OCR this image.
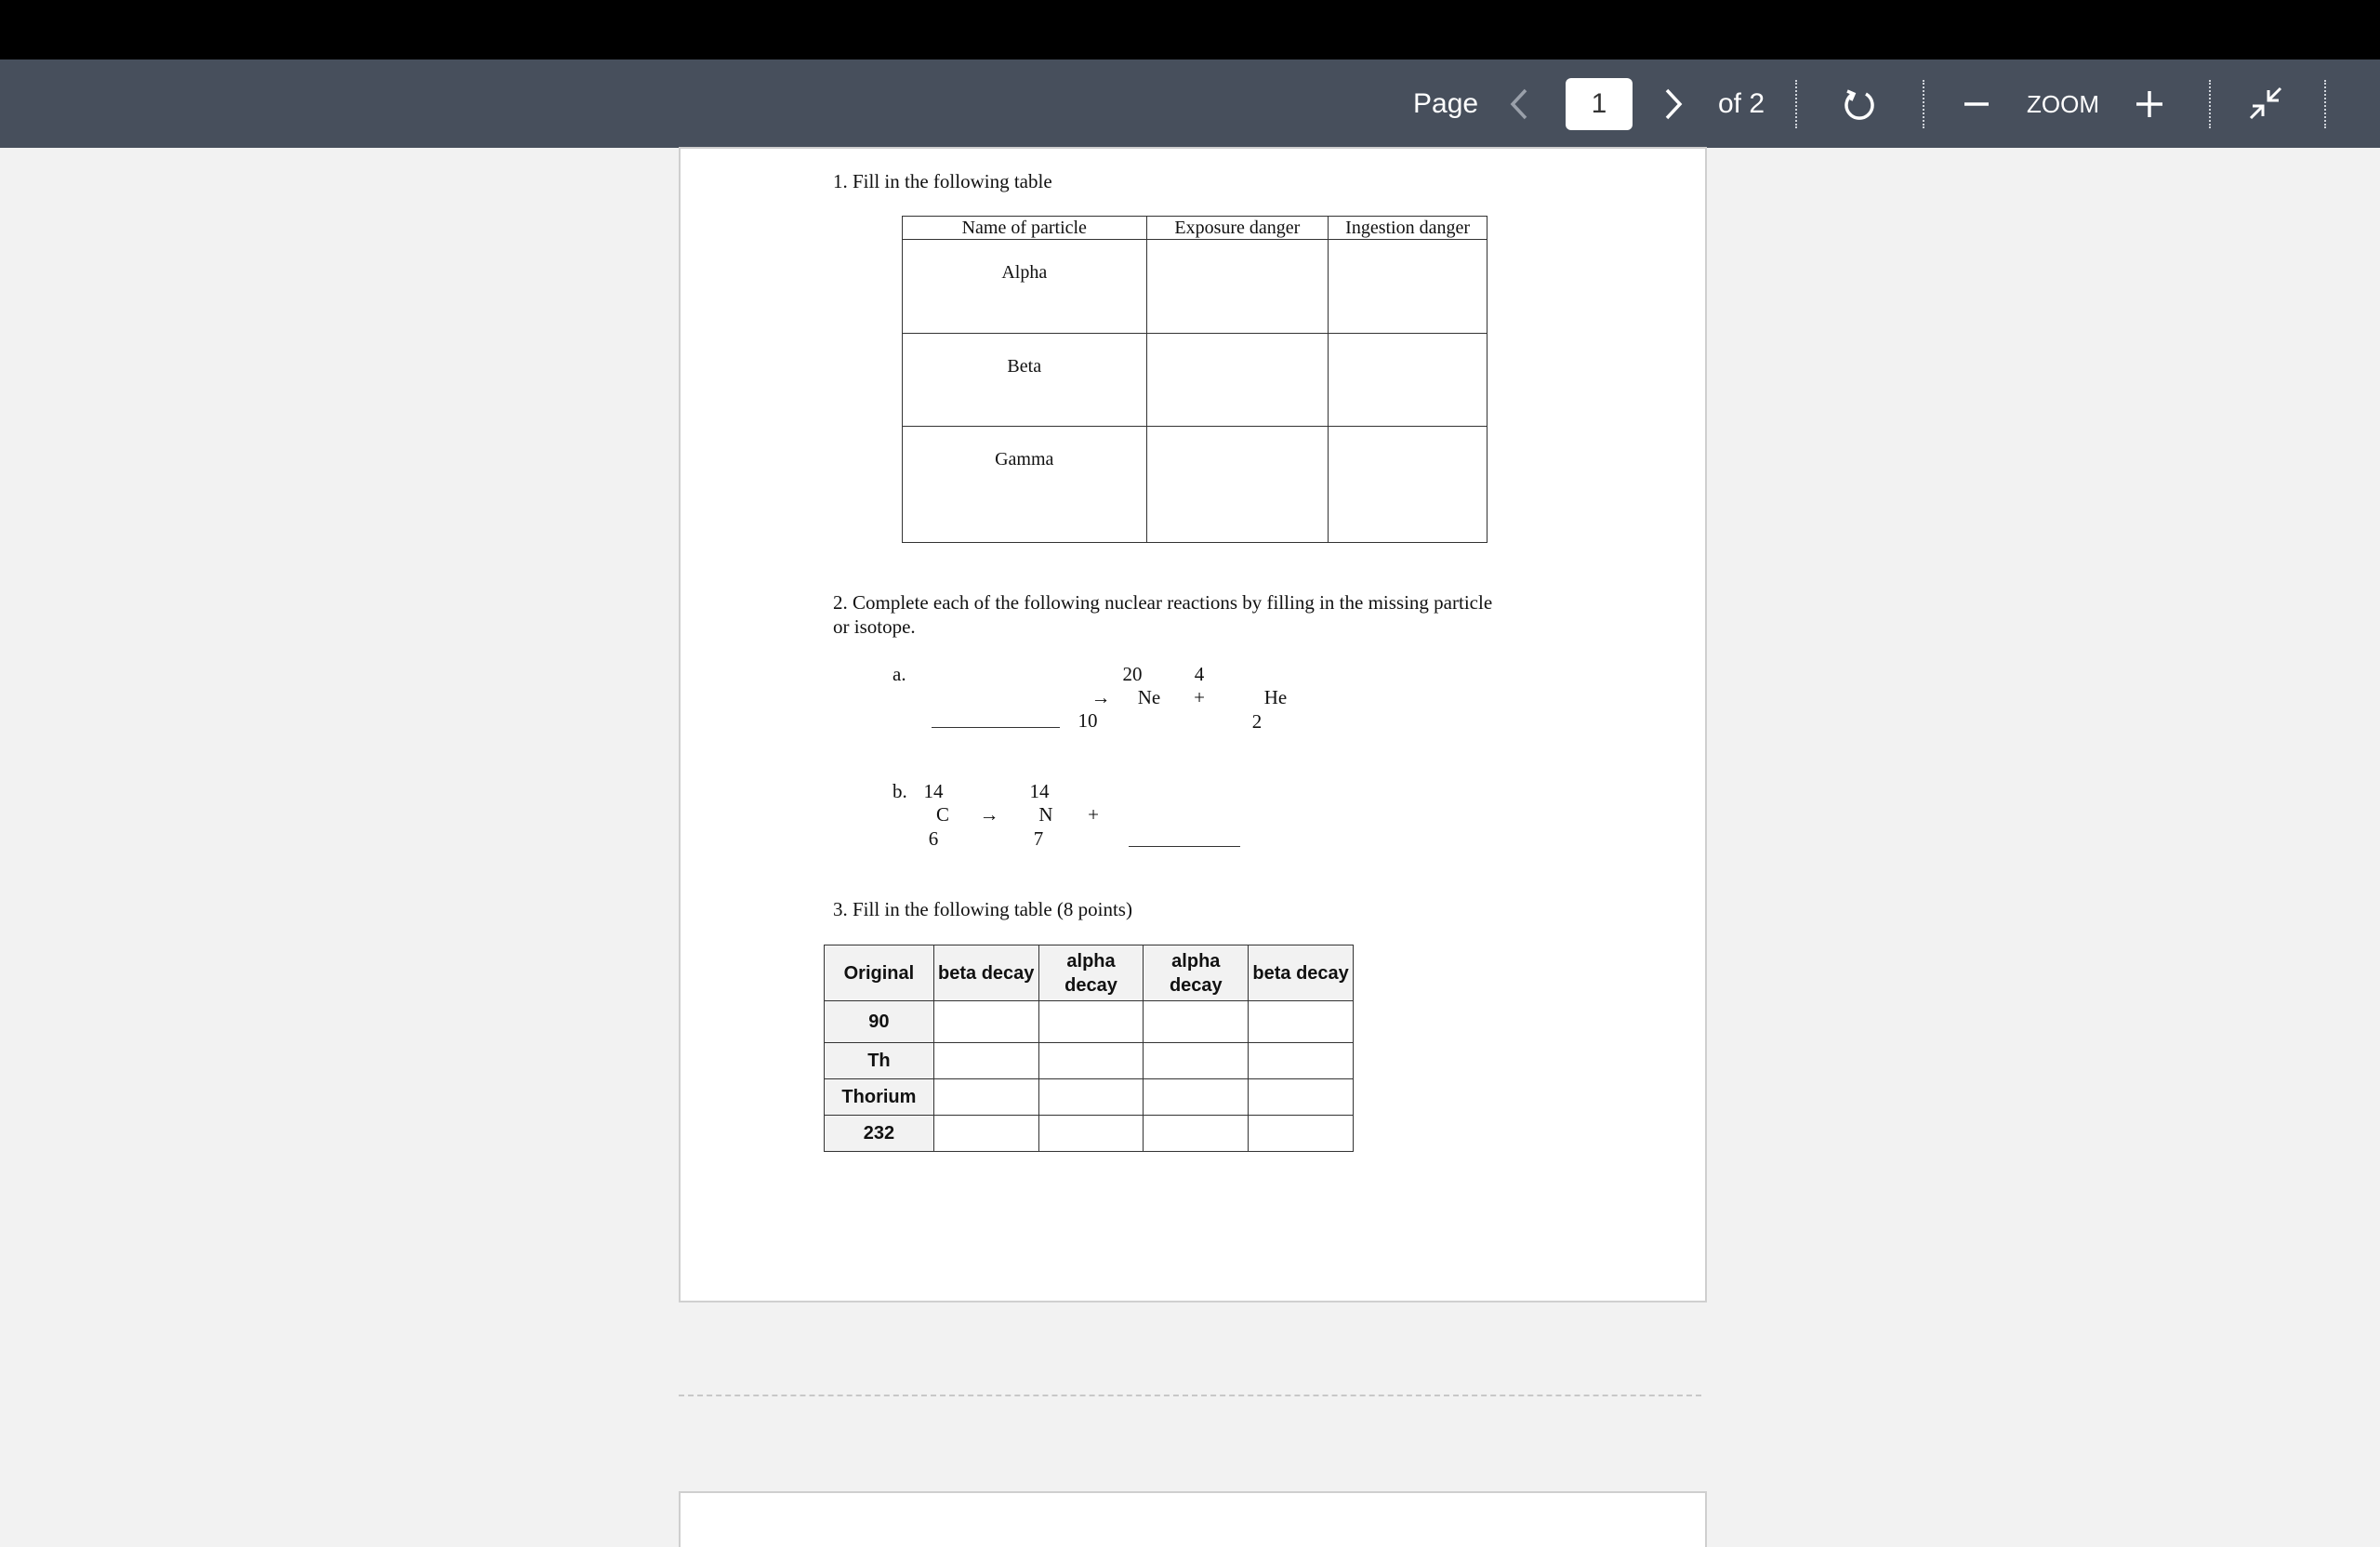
Page	1	of 2	ZOOM
1. Fill in the following table
Name of particle	Exposure danger	Ingestion danger
Alpha		
Beta		
Gamma		
2. Complete each of the following nuclear reactions by filling in the missing particle
or isotope.
a.
→
20
Ne
10
4
+	He
2
b. 14
C
6
→
14
N
7
+
3. Fill in the following table (8 points)
Original	beta decay	alpha decay	alpha decay	beta decay
90				
Th				
Thorium				
232				
